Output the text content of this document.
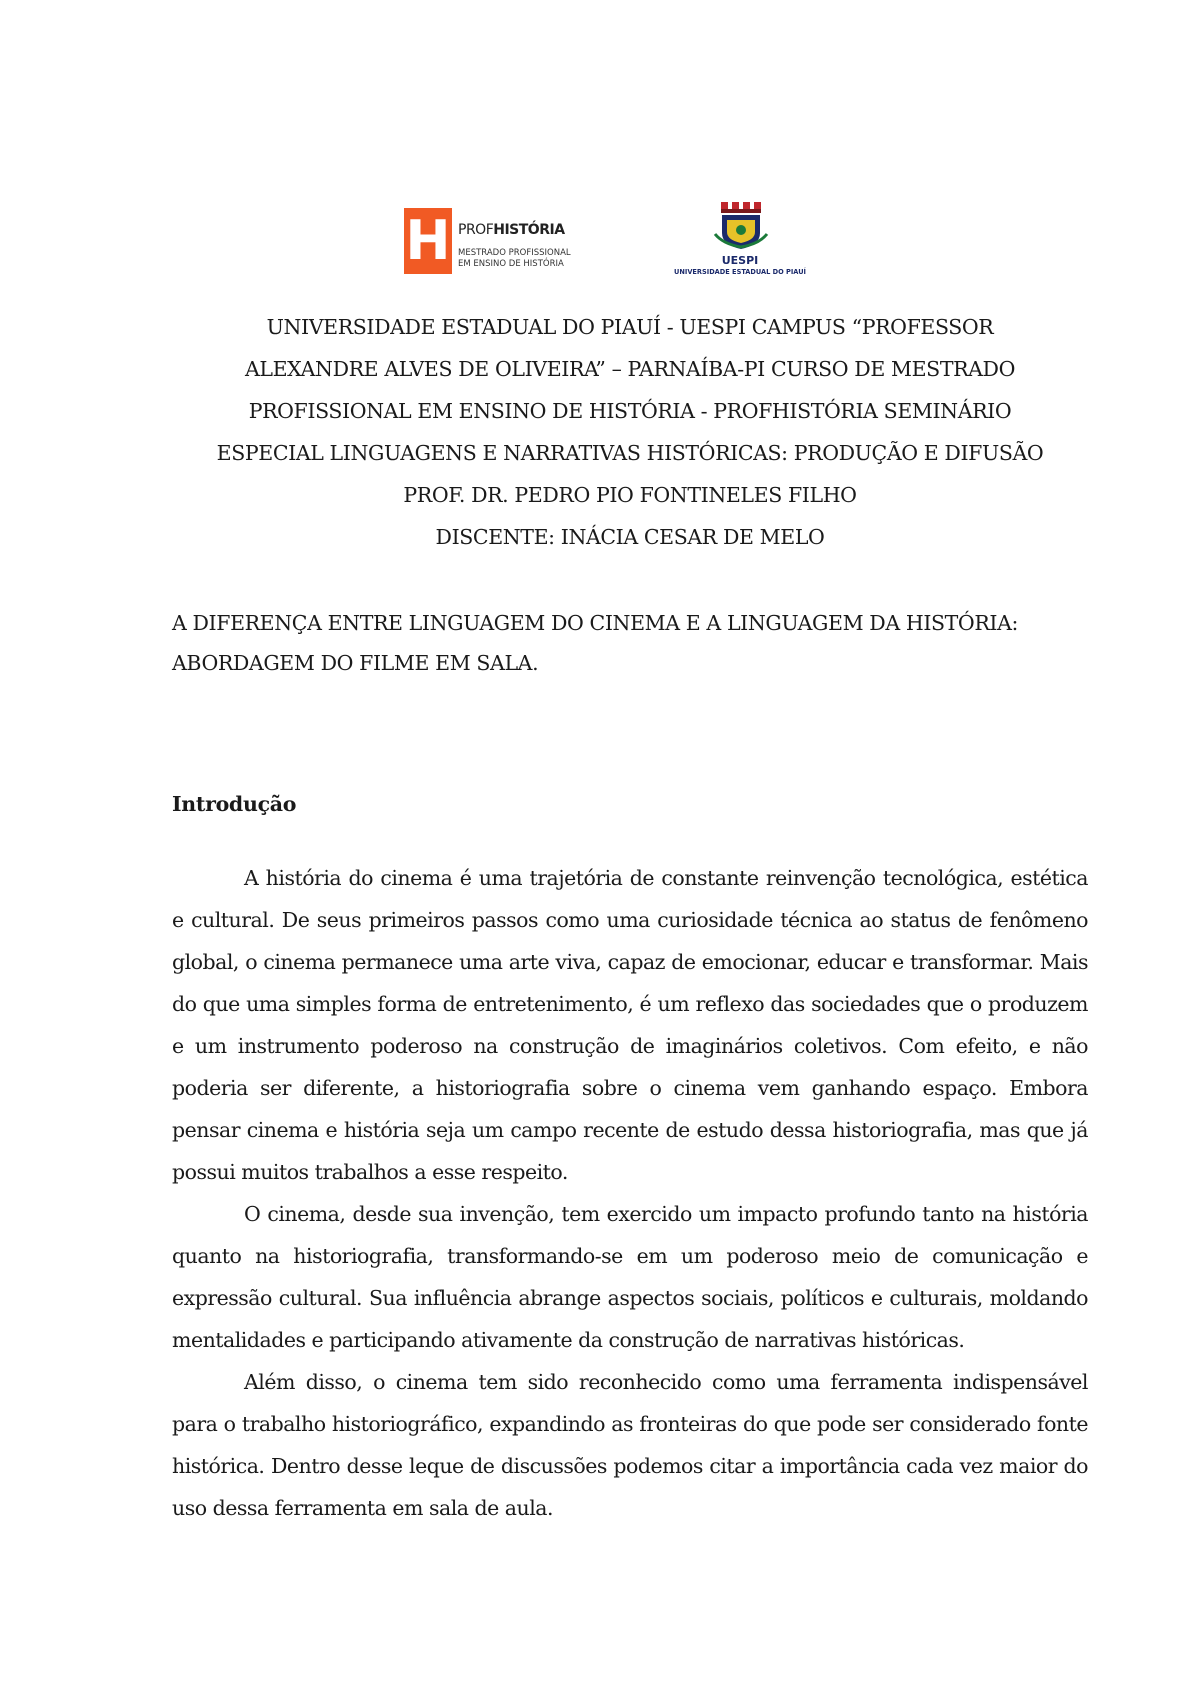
H PROFHISTÓRIA
MESTRADO PROFISSIONAL
EM ENSINO DE HISTÓRIA	UESPI
UNIVERSIDADE ESTADUAL DO PIAUÍ
UNIVERSIDADE ESTADUAL DO PIAUÍ - UESPI CAMPUS “PROFESSOR
ALEXANDRE ALVES DE OLIVEIRA” – PARNAÍBA-PI CURSO DE MESTRADO
PROFISSIONAL EM ENSINO DE HISTÓRIA - PROFHISTÓRIA SEMINÁRIO
ESPECIAL LINGUAGENS E NARRATIVAS HISTÓRICAS: PRODUÇÃO E DIFUSÃO
PROF. DR. PEDRO PIO FONTINELES FILHO
DISCENTE: INÁCIA CESAR DE MELO
A DIFERENÇA ENTRE LINGUAGEM DO CINEMA E A LINGUAGEM DA HISTÓRIA:
ABORDAGEM DO FILME EM SALA.
Introdução

A história do cinema é uma trajetória de constante reinvenção tecnológica, estética e cultural. De seus primeiros passos como uma curiosidade técnica ao status de fenômeno global, o cinema permanece uma arte viva, capaz de emocionar, educar e transformar. Mais do que uma simples forma de entretenimento, é um reflexo das sociedades que o produzem e um instrumento poderoso na construção de imaginários coletivos. Com efeito, e não poderia ser diferente, a historiografia sobre o cinema vem ganhando espaço. Embora pensar cinema e história seja um campo recente de estudo dessa historiografia, mas que já possui muitos trabalhos a esse respeito.

O cinema, desde sua invenção, tem exercido um impacto profundo tanto na história quanto na historiografia, transformando-se em um poderoso meio de comunicação e expressão cultural. Sua influência abrange aspectos sociais, políticos e culturais, moldando mentalidades e participando ativamente da construção de narrativas históricas.

Além disso, o cinema tem sido reconhecido como uma ferramenta indispensável para o trabalho historiográfico, expandindo as fronteiras do que pode ser considerado fonte histórica. Dentro desse leque de discussões podemos citar a importância cada vez maior do uso dessa ferramenta em sala de aula.
